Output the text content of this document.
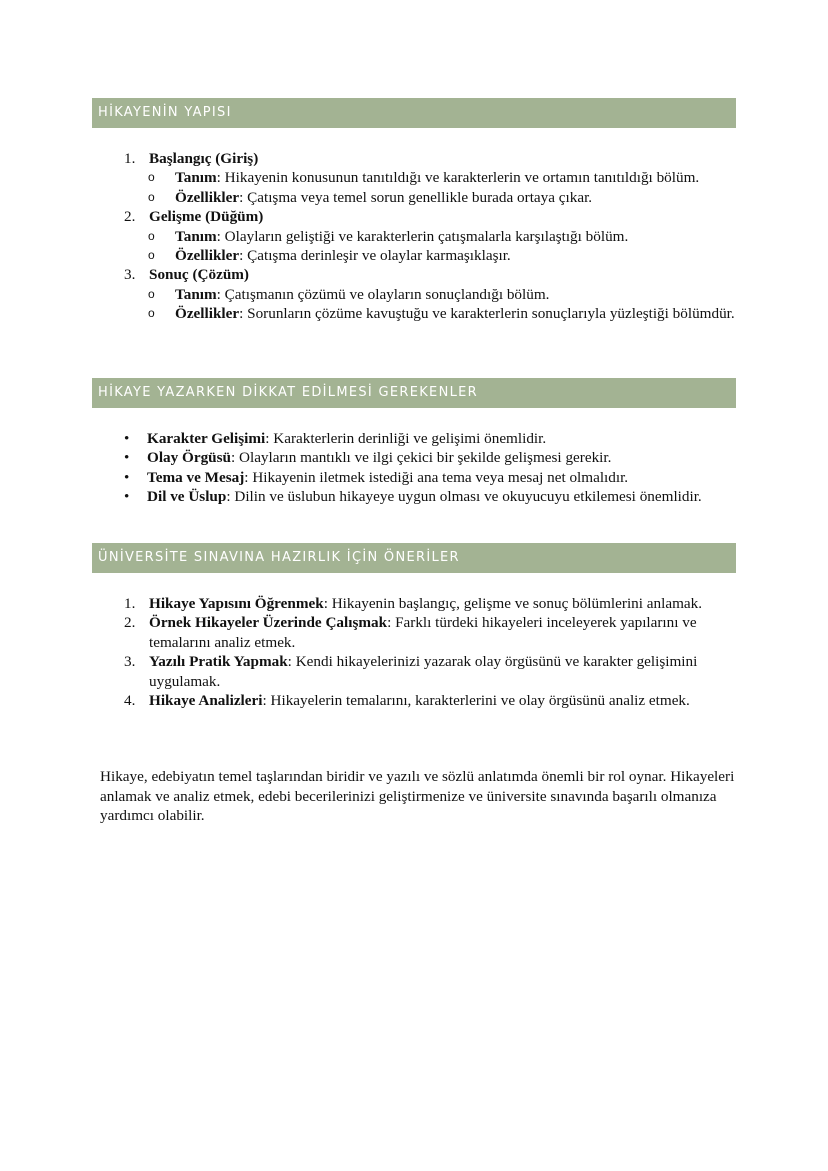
HİKAYENİN YAPISI
1. Başlangıç (Giriş)
o Tanım: Hikayenin konusunun tanıtıldığı ve karakterlerin ve ortamın tanıtıldığı bölüm.
o Özellikler: Çatışma veya temel sorun genellikle burada ortaya çıkar.
2. Gelişme (Düğüm)
o Tanım: Olayların geliştiği ve karakterlerin çatışmalarla karşılaştığı bölüm.
o Özellikler: Çatışma derinleşir ve olaylar karmaşıklaşır.
3. Sonuç (Çözüm)
o Tanım: Çatışmanın çözümü ve olayların sonuçlandığı bölüm.
o Özellikler: Sorunların çözüme kavuştuğu ve karakterlerin sonuçlarıyla yüzleştiği bölümdür.
HİKAYE YAZARKEN DİKKAT EDİLMESİ GEREKENLER
• Karakter Gelişimi: Karakterlerin derinliği ve gelişimi önemlidir.
• Olay Örgüsü: Olayların mantıklı ve ilgi çekici bir şekilde gelişmesi gerekir.
• Tema ve Mesaj: Hikayenin iletmek istediği ana tema veya mesaj net olmalıdır.
• Dil ve Üslup: Dilin ve üslubun hikayeye uygun olması ve okuyucuyu etkilemesi önemlidir.
ÜNİVERSİTE SINAVINA HAZIRLIK İÇİN ÖNERİLER
1. Hikaye Yapısını Öğrenmek: Hikayenin başlangıç, gelişme ve sonuç bölümlerini anlamak.
2. Örnek Hikayeler Üzerinde Çalışmak: Farklı türdeki hikayeleri inceleyerek yapılarını ve temalarını analiz etmek.
3. Yazılı Pratik Yapmak: Kendi hikayelerinizi yazarak olay örgüsünü ve karakter gelişimini uygulamak.
4. Hikaye Analizleri: Hikayelerin temalarını, karakterlerini ve olay örgüsünü analiz etmek.

Hikaye, edebiyatın temel taşlarından biridir ve yazılı ve sözlü anlatımda önemli bir rol oynar. Hikayeleri anlamak ve analiz etmek, edebi becerilerinizi geliştirmenize ve üniversite sınavında başarılı olmanıza yardımcı olabilir.
